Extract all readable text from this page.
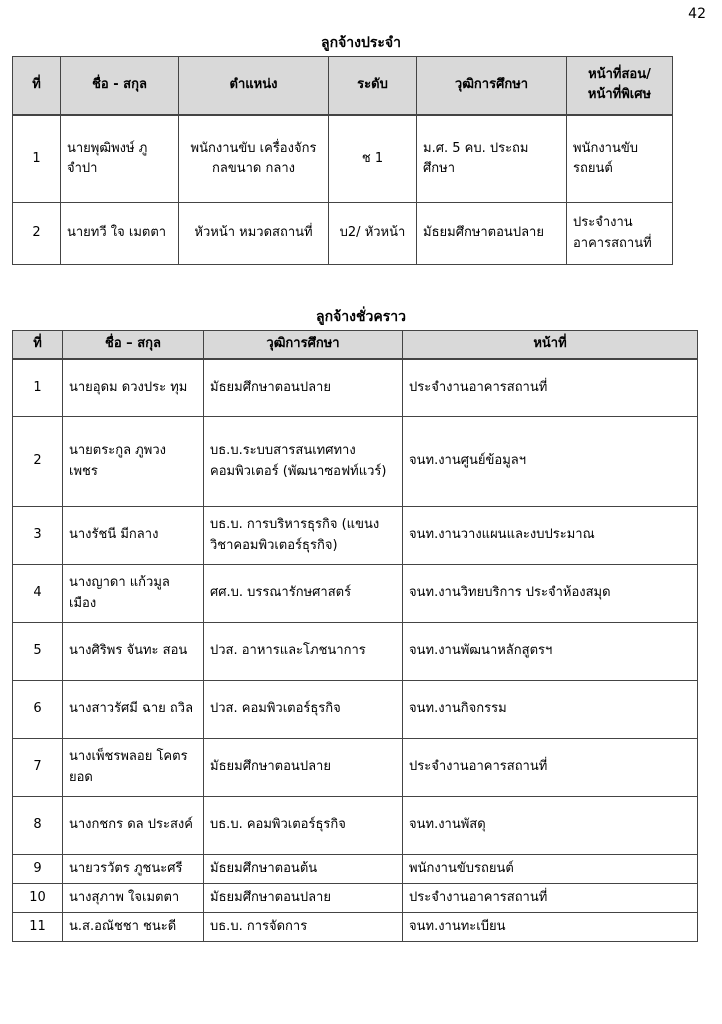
42
ลูกจ้างประจำ
ที่	ชื่อ - สกุล	ตำแหน่ง	ระดับ	วุฒิการศึกษา	หน้าที่สอน/ หน้าที่พิเศษ
1	นายพุฒิพงษ์ ภู จำปา	พนักงานขับ เครื่องจักรกลขนาด กลาง	ช 1	ม.ศ. 5 คบ. ประถมศึกษา	พนักงานขับ รถยนต์
2	นายทวี ใจ เมตตา	หัวหน้า หมวดสถานที่	บ2/ หัวหน้า	มัธยมศึกษาตอนปลาย	ประจำงาน อาคารสถานที่
ลูกจ้างชั่วคราว
ที่	ชื่อ – สกุล	วุฒิการศึกษา	หน้าที่
1	นายอุดม ดวงประ ทุม	มัธยมศึกษาตอนปลาย	ประจำงานอาคารสถานที่
2	นายตระกูล ภูพวง เพชร	บธ.บ.ระบบสารสนเทศทาง คอมพิวเตอร์ (พัฒนาซอฟท์แวร์)	จนท.งานศูนย์ข้อมูลฯ
3	นางรัชนี มีกลาง	บธ.บ. การบริหารธุรกิจ (แขนงวิชาคอมพิวเตอร์ธุรกิจ)	จนท.งานวางแผนและงบประมาณ
4	นางญาดา แก้วมูล เมือง	ศศ.บ. บรรณารักษศาสตร์	จนท.งานวิทยบริการ ประจำห้องสมุด
5	นางศิริพร จันทะ สอน	ปวส. อาหารและโภชนาการ	จนท.งานพัฒนาหลักสูตรฯ
6	นางสาวรัศมี ฉาย ถวิล	ปวส. คอมพิวเตอร์ธุรกิจ	จนท.งานกิจกรรม
7	นางเพ็ชรพลอย โคตรยอด	มัธยมศึกษาตอนปลาย	ประจำงานอาคารสถานที่
8	นางกชกร ดล ประสงค์	บธ.บ. คอมพิวเตอร์ธุรกิจ	จนท.งานพัสดุ
9	นายวรวัตร ภูชนะศรี	มัธยมศึกษาตอนต้น	พนักงานขับรถยนต์
10	นางสุภาพ ใจเมตตา	มัธยมศึกษาตอนปลาย	ประจำงานอาคารสถานที่
11	น.ส.อณัชชา ชนะดี	บธ.บ. การจัดการ	จนท.งานทะเบียน
